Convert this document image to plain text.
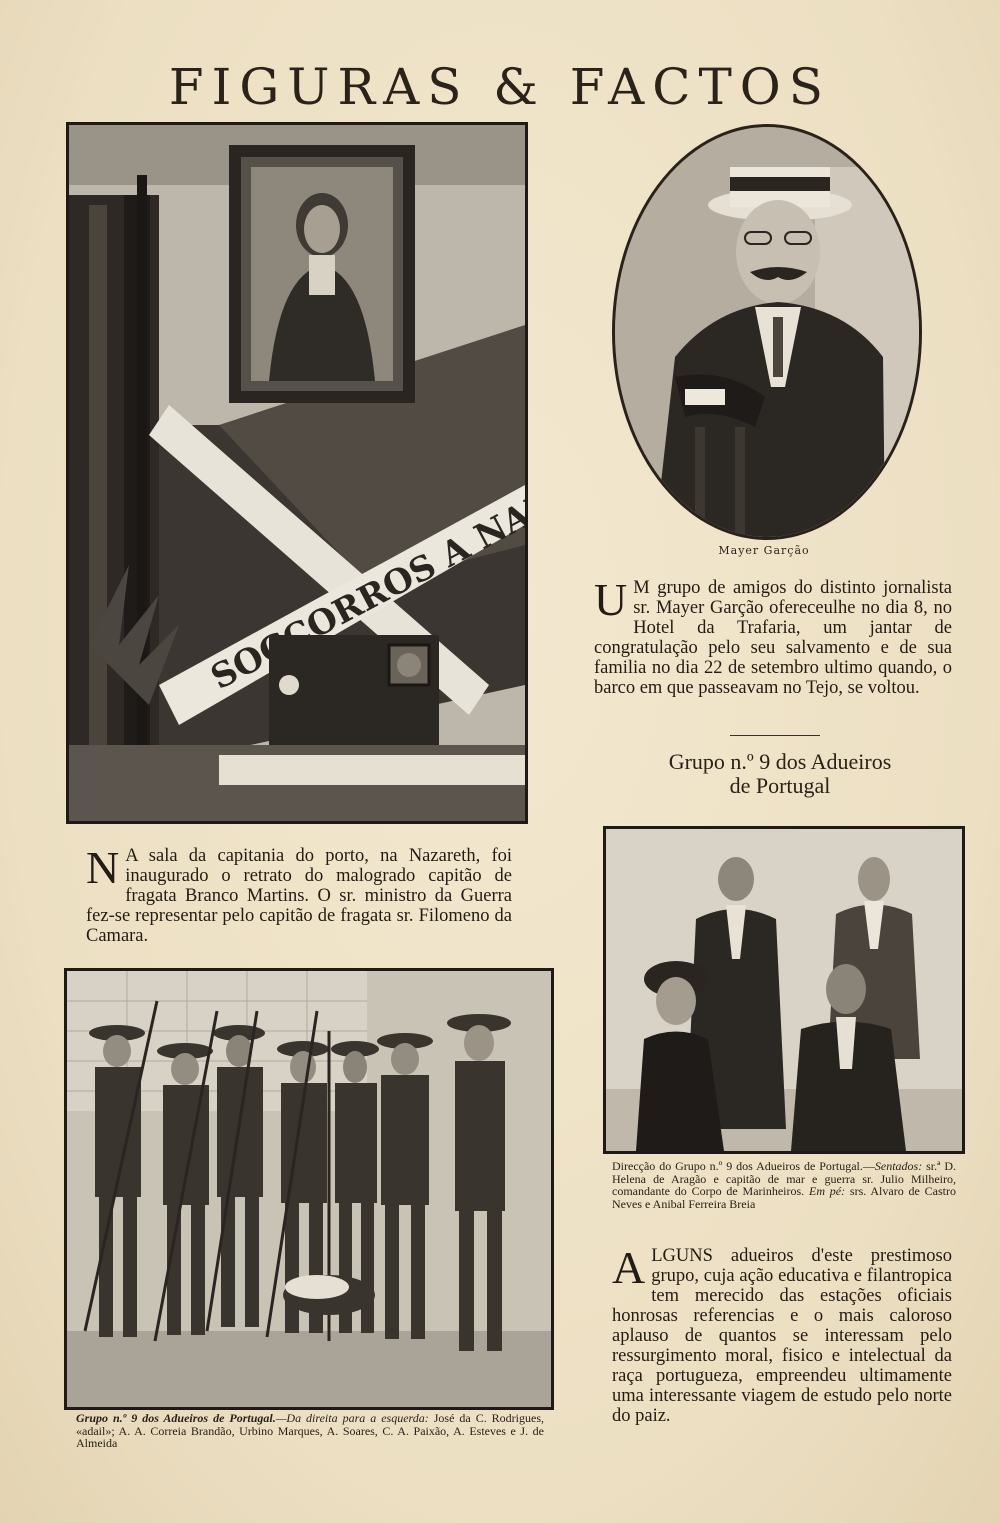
FIGURAS & FACTOS
SOCCORROS A	Mayer Garção
U M grupo de amigos do distinto jornalista sr. Mayer Garção ofereceulhe no dia 8, no Hotel da Trafaria, um jantar de congratulação pelo seu salvamento e de sua familia no dia 22 de setembro ultimo quando, o barco em que passeavam no Tejo, se voltou.
Grupo n.º 9 dos Adueiros
de Portugal
N A sala da capitania do porto, na Nazareth, foi inaugurado o retrato do malogrado capitão de fragata Branco Martins. O sr. ministro da Guerra fez-se representar pelo capitão de fragata sr. Filomeno da Camara.
Direcção do Grupo n.º 9 dos Adueiros de Portugal.—Sentados: sr.ª D. Helena de Aragão e capitão de mar e guerra sr. Julio Milheiro, comandante do Corpo de Marinheiros. Em pé: srs. Alvaro de Castro Neves e Anibal Ferreira Breia
ALGUNS adueiros d'este prestimoso grupo, cuja ação educativa e filantropica tem merecido das estações oficiais honrosas referencias e o mais caloroso aplauso de quantos se interessam pelo ressurgimento moral, fisico e intelectual da raça portugueza, empreendeu ultimamente uma interessante viagem de estudo pelo norte do paiz.
Grupo n.º 9 dos Adueiros de Portugal.—Da direita para a esquerda: José da C. Rodrigues, «adail»; A. A. Correia Brandão, Urbino Marques, A. Soares, C. A. Paixão, A. Esteves e J. de Almeida
